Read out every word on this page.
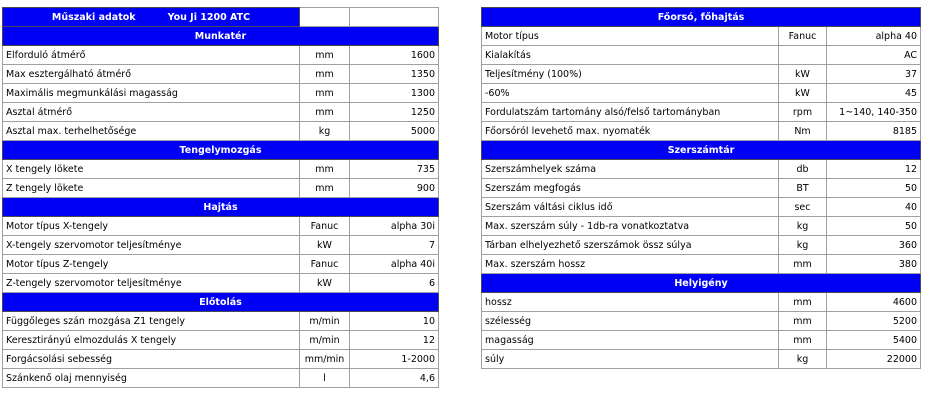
Műszaki adatok You Ji 1200 ATC		
Munkatér		
Elforduló átmérő	mm	1600
Max esztergálható átmérő	mm	1350
Maximális megmunkálási magasság	mm	1300
Asztal átmérő	mm	1250
Asztal max. terhelhetősége	kg	5000
Tengelymozgás		
X tengely lökete	mm	735
Z tengely lökete	mm	900
Hajtás		
Motor típus X-tengely	Fanuc	alpha 30i
X-tengely szervomotor teljesítménye	kW	7
Motor típus Z-tengely	Fanuc	alpha 40i
Z-tengely szervomotor teljesítménye	kW	6
Előtolás		
Függőleges szán mozgása Z1 tengely	m/min	10
Keresztirányú elmozdulás X tengely	m/min	12
Forgácsolási sebesség	mm/min	1-2000
Szánkenő olaj mennyiség	l	4,6
Főorsó, főhajtás		
Motor típus	Fanuc	alpha 40
Kialakítás		AC
Teljesítmény (100%)	kW	37
-60%	kW	45
Fordulatszám tartomány alsó/felső tartományban	rpm	1~140, 140-350
Főorsóról levehető max. nyomaték	Nm	8185
Szerszámtár		
Szerszámhelyek száma	db	12
Szerszám megfogás	BT	50
Szerszám váltási ciklus idő	sec	40
Max. szerszám súly - 1db-ra vonatkoztatva	kg	50
Tárban elhelyezhető szerszámok össz súlya	kg	360
Max. szerszám hossz	mm	380
Helyigény		
hossz	mm	4600
szélesség	mm	5200
magasság	mm	5400
súly	kg	22000
